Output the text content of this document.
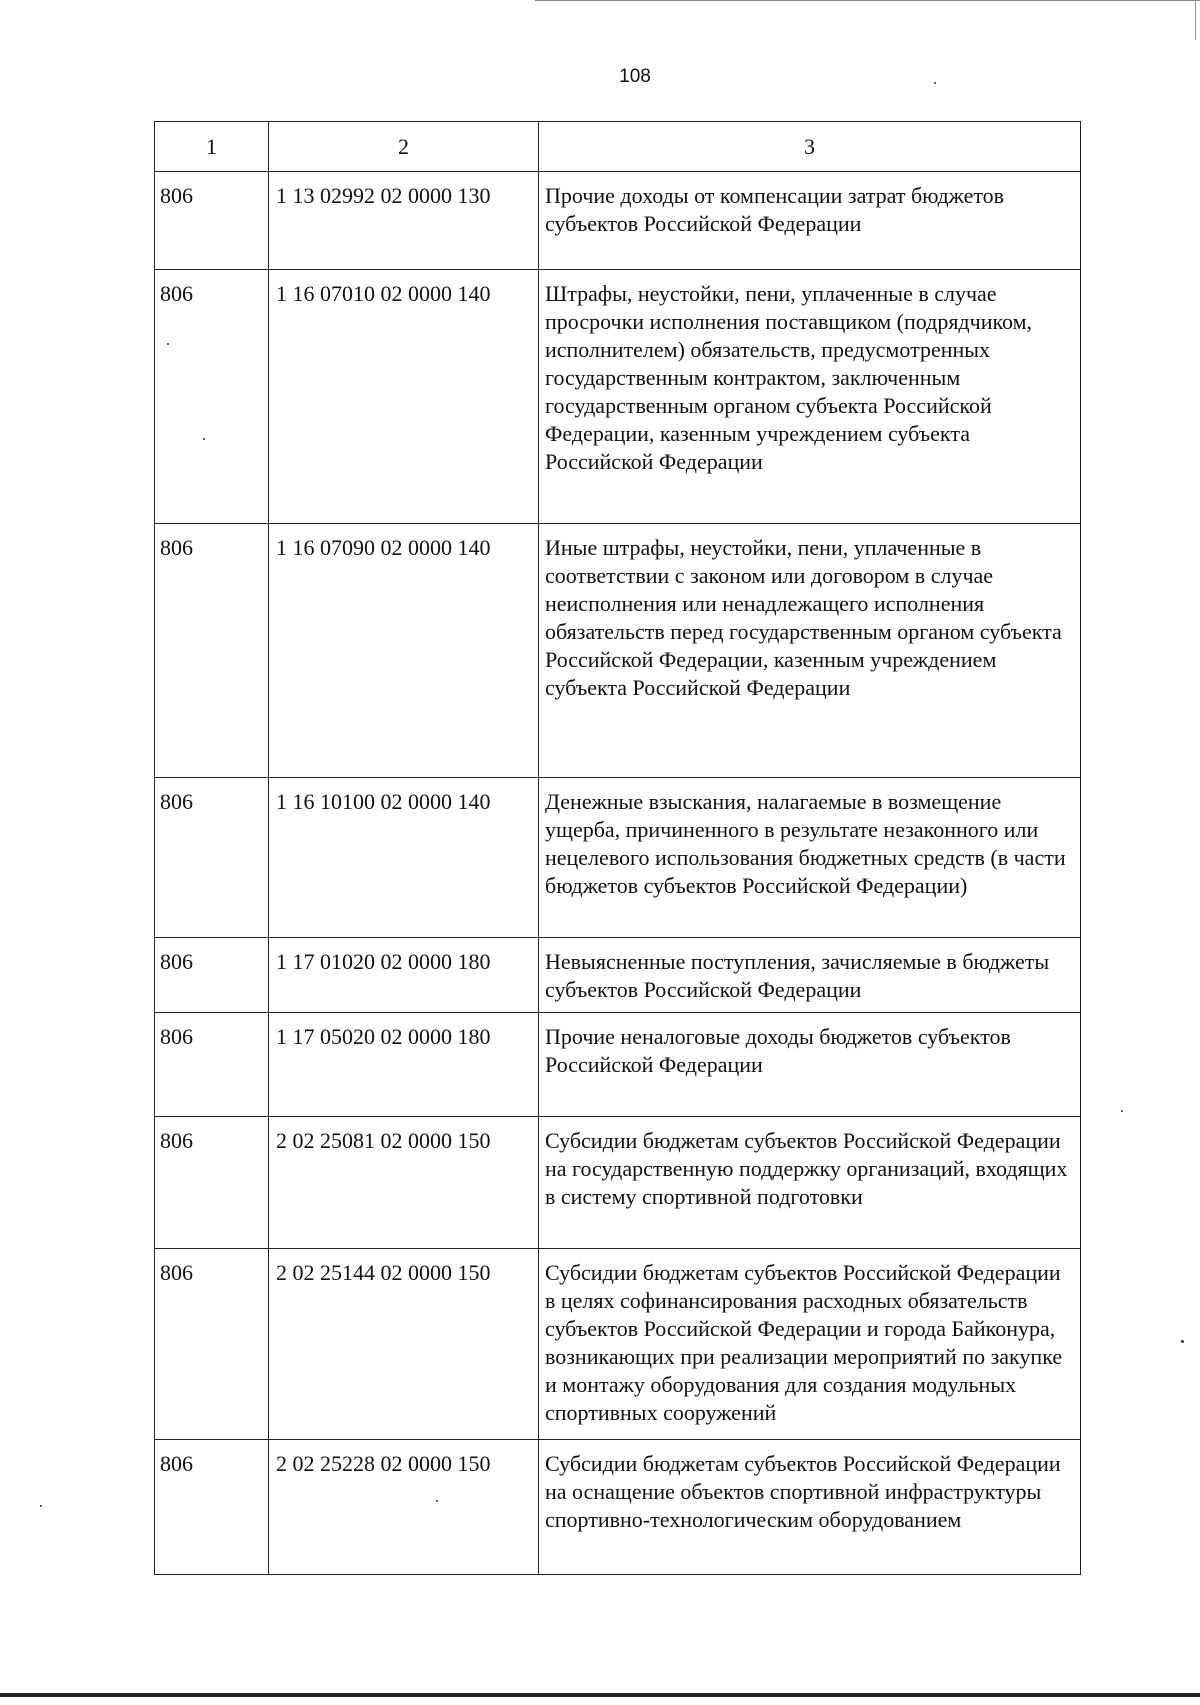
108
1	2	3
806	1 13 02992 02 0000 130	Прочие доходы от компенсации затрат бюджетов субъектов Российской Федерации
806	1 16 07010 02 0000 140	Штрафы, неустойки, пени, уплаченные в случае просрочки исполнения поставщиком (подрядчиком, исполнителем) обязательств, предусмотренных государственным контрактом, заключенным государственным органом субъекта Российской Федерации, казенным учреждением субъекта Российской Федерации
806	1 16 07090 02 0000 140	Иные штрафы, неустойки, пени, уплаченные в соответствии с законом или договором в случае неисполнения или ненадлежащего исполнения обязательств перед государственным органом субъекта Российской Федерации, казенным учреждением субъекта Российской Федерации
806	1 16 10100 02 0000 140	Денежные взыскания, налагаемые в возмещение ущерба, причиненного в результате незаконного или нецелевого использования бюджетных средств (в части бюджетов субъектов Российской Федерации)
806	1 17 01020 02 0000 180	Невыясненные поступления, зачисляемые в бюджеты субъектов Российской Федерации
806	1 17 05020 02 0000 180	Прочие неналоговые доходы бюджетов субъектов Российской Федерации
806	2 02 25081 02 0000 150	Субсидии бюджетам субъектов Российской Федерации на государственную поддержку организаций, входящих в систему спортивной подготовки
806	2 02 25144 02 0000 150	Субсидии бюджетам субъектов Российской Федерации в целях софинансирования расходных обязательств субъектов Российской Федерации и города Байконура, возникающих при реализации мероприятий по закупке и монтажу оборудования для создания модульных спортивных сооружений
806	2 02 25228 02 0000 150	Субсидии бюджетам субъектов Российской Федерации на оснащение объектов спортивной инфраструктуры спортивно-технологическим оборудованием
